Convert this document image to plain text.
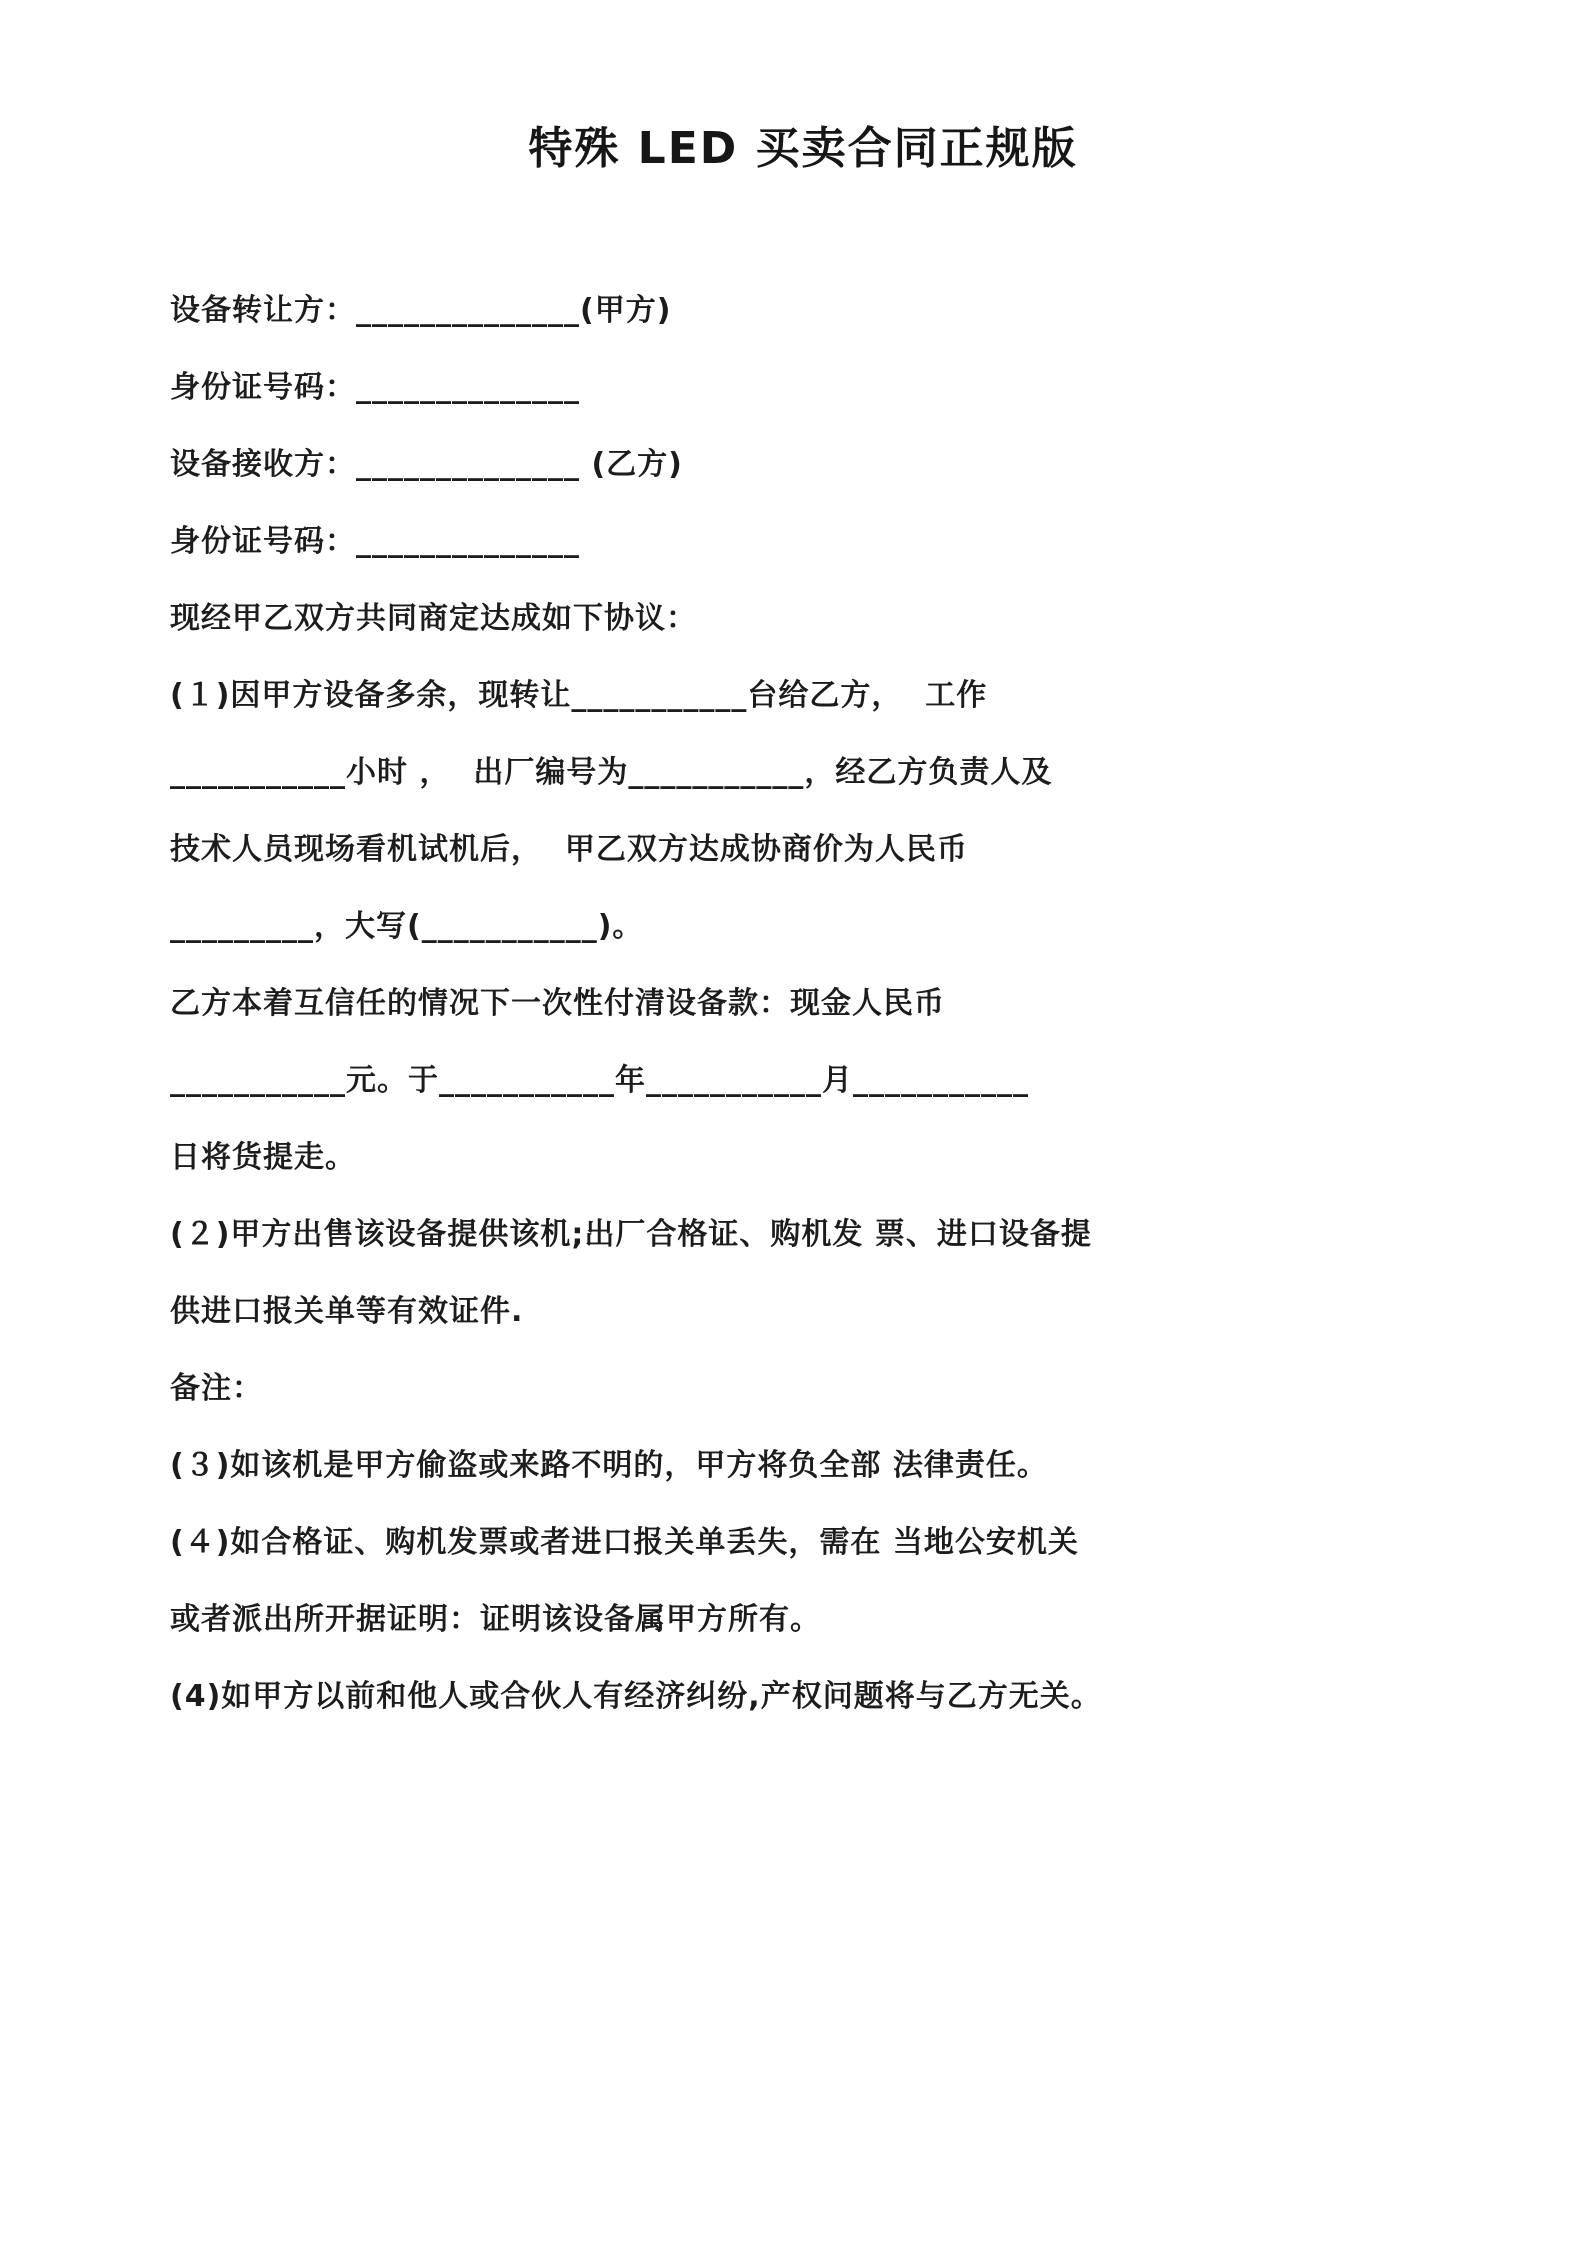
特殊 LED 买卖合同正规版

设备转让方：______________(甲方)

身份证号码：______________

设备接收方：______________ (乙方)

身份证号码：______________

现经甲乙双方共同商定达成如下协议：

(１)因甲方设备多余，现转让___________台给乙方，  工作

___________小时 ，  出厂编号为___________，经乙方负责人及

技术人员现场看机试机后，  甲乙双方达成协商价为人民币

_________，大写(___________)。

乙方本着互信任的情况下一次性付清设备款：现金人民币

___________元。于___________年___________月___________

日将货提走。

(２)甲方出售该设备提供该机;出厂合格证、购机发 票、进口设备提

供进口报关单等有效证件.

备注：

(３)如该机是甲方偷盗或来路不明的，甲方将负全部 法律责任。

(４)如合格证、购机发票或者进口报关单丢失，需在 当地公安机关

或者派出所开据证明：证明该设备属甲方所有。

(4)如甲方以前和他人或合伙人有经济纠纷,产权问题将与乙方无关。
